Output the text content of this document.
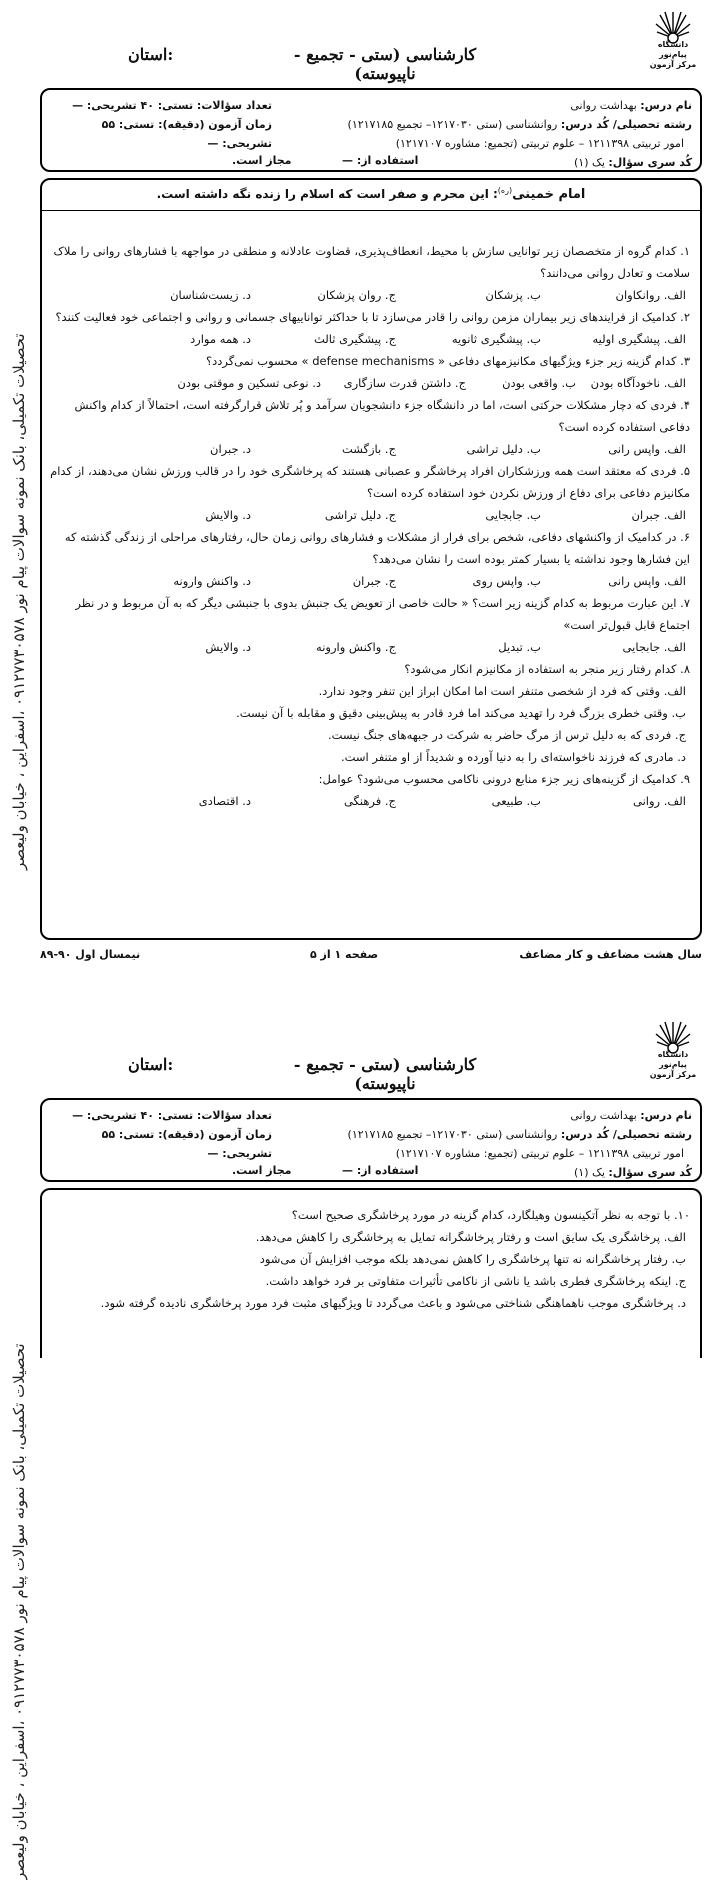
دانشگاه پیام‌نور
مرکز آزمون
کارشناسی (ستی - تجمیع - ناپیوسته)
استان:
نام درس: بهداشت روانی
رشته تحصیلی/ کُد درس: روانشناسی (ستی ۱۲۱۷۰۳۰– تجمیع ۱۲۱۷۱۸۵)
امور تربیتی ۱۲۱۱۳۹۸ – علوم تربیتی (تجمیع: مشاوره ۱۲۱۷۱۰۷)
کُد سری سؤال: یک (۱)
تعداد سؤالات: تستی: ۴۰ تشریحی: —
زمان آزمون (دقیقه): تستی: ۵۵ تشریحی: —
استفاده از: —
مجاز است.
تحصیلات تکمیلی، بانک نمونه سوالات پیام نور ۰۹۱۲۷۷۳۰۵۷۸ ،اسفراین ، خیابان ولیعصر
امام خمینی$^{(ره)}$: این محرم و صفر است که اسلام را زنده نگه داشته است.
۱. کدام گروه از متخصصان زیر توانایی سازش با محیط، انعطاف‌پذیری، قضاوت عادلانه و منطقی در مواجهه با فشارهای روانی را ملاک سلامت و تعادل روانی می‌دانند؟
الف. روانکاوان
ب. پزشکان
ج. روان پزشکان
د. زیست‌شناسان
۲. کدامیک از فرایندهای زیر بیماران مزمن روانی را قادر می‌سازد تا با حداکثر تواناییهای جسمانی و روانی و اجتماعی خود فعالیت کنند؟
الف. پیشگیری اولیه
ب. پیشگیری ثانویه
ج. پیشگیری ثالث
د. همه موارد
۳. کدام گزینه زیر جزء ویژگیهای مکانیزمهای دفاعی « defense mechanisms » محسوب نمی‌گردد؟
الف. ناخودآگاه بودن
ب. واقعی بودن
ج. داشتن قدرت سازگاری
د. نوعی تسکین و موقتی بودن
۴. فردی که دچار مشکلات حرکتی است، اما در دانشگاه جزء دانشجویان سرآمد و پُر تلاش قرارگرفته است، احتمالاً از کدام واکنش دفاعی استفاده کرده است؟
الف. واپس رانی
ب. دلیل تراشی
ج. بازگشت
د. جبران
۵. فردی که معتقد است همه ورزشکاران افراد پرخاشگر و عصبانی هستند که پرخاشگری خود را در قالب ورزش نشان می‌دهند، از کدام مکانیزم دفاعی برای دفاع از ورزش نکردن خود استفاده کرده است؟
الف. جبران
ب. جابجایی
ج. دلیل تراشی
د. والایش
۶. در کدامیک از واکنشهای دفاعی، شخص برای فرار از مشکلات و فشارهای روانی زمان حال، رفتارهای مراحلی از زندگی گذشته که این فشارها وجود نداشته یا بسیار کمتر بوده است را نشان می‌دهد؟
الف. واپس رانی
ب. واپس روی
ج. جبران
د. واکنش وارونه
۷. این عبارت مربوط به کدام گزینه زیر است؟ « حالت خاصی از تعویض یک جنبش بدوی با جنبشی دیگر که به آن مربوط و در نظر اجتماع قابل قبول‌تر است»
الف. جابجایی
ب. تبدیل
ج. واکنش وارونه
د. والایش
۸. کدام رفتار زیر منجر به استفاده از مکانیزم انکار می‌شود؟
الف. وقتی که فرد از شخصی متنفر است اما امکان ابراز این تنفر وجود ندارد.
ب. وقتی خطری بزرگ فرد را تهدید می‌کند اما فرد قادر به پیش‌بینی دقیق و مقابله با آن نیست.
ج. فردی که به دلیل ترس از مرگ حاضر به شرکت در جبهه‌های جنگ نیست.
د. مادری که فرزند ناخواسته‌ای را به دنیا آورده و شدیداً از او متنفر است.
۹. کدامیک از گزینه‌های زیر جزء منابع درونی ناکامی محسوب می‌شود؟ عوامل:
الف. روانی
ب. طبیعی
ج. فرهنگی
د. اقتصادی
سال هشت مضاعف و کار مضاعف
صفحه ۱ از ۵
نیمسال اول ۹۰-۸۹
دانشگاه پیام‌نور
مرکز آزمون
کارشناسی (ستی - تجمیع - ناپیوسته)
استان:
نام درس: بهداشت روانی
رشته تحصیلی/ کُد درس: روانشناسی (ستی ۱۲۱۷۰۳۰– تجمیع ۱۲۱۷۱۸۵)
امور تربیتی ۱۲۱۱۳۹۸ – علوم تربیتی (تجمیع: مشاوره ۱۲۱۷۱۰۷)
کُد سری سؤال: یک (۱)
تعداد سؤالات: تستی: ۴۰ تشریحی: —
زمان آزمون (دقیقه): تستی: ۵۵ تشریحی: —
استفاده از: —
مجاز است.
تحصیلات تکمیلی، بانک نمونه سوالات پیام نور ۰۹۱۲۷۷۳۰۵۷۸ ،اسفراین ، خیابان ولیعصر
۱۰. با توجه به نظر آتکینسون وهیلگارد، کدام گزینه در مورد پرخاشگری صحیح است؟
الف. پرخاشگری یک سایق است و رفتار پرخاشگرانه تمایل به پرخاشگری را کاهش می‌دهد.
ب. رفتار پرخاشگرانه نه تنها پرخاشگری را کاهش نمی‌دهد بلکه موجب افزایش آن می‌شود
ج. اینکه پرخاشگری فطری باشد یا ناشی از ناکامی تأثیرات متفاوتی بر فرد خواهد داشت.
د. پرخاشگری موجب ناهماهنگی شناختی می‌شود و باعث می‌گردد تا ویژگیهای مثبت فرد مورد پرخاشگری نادیده گرفته شود.
